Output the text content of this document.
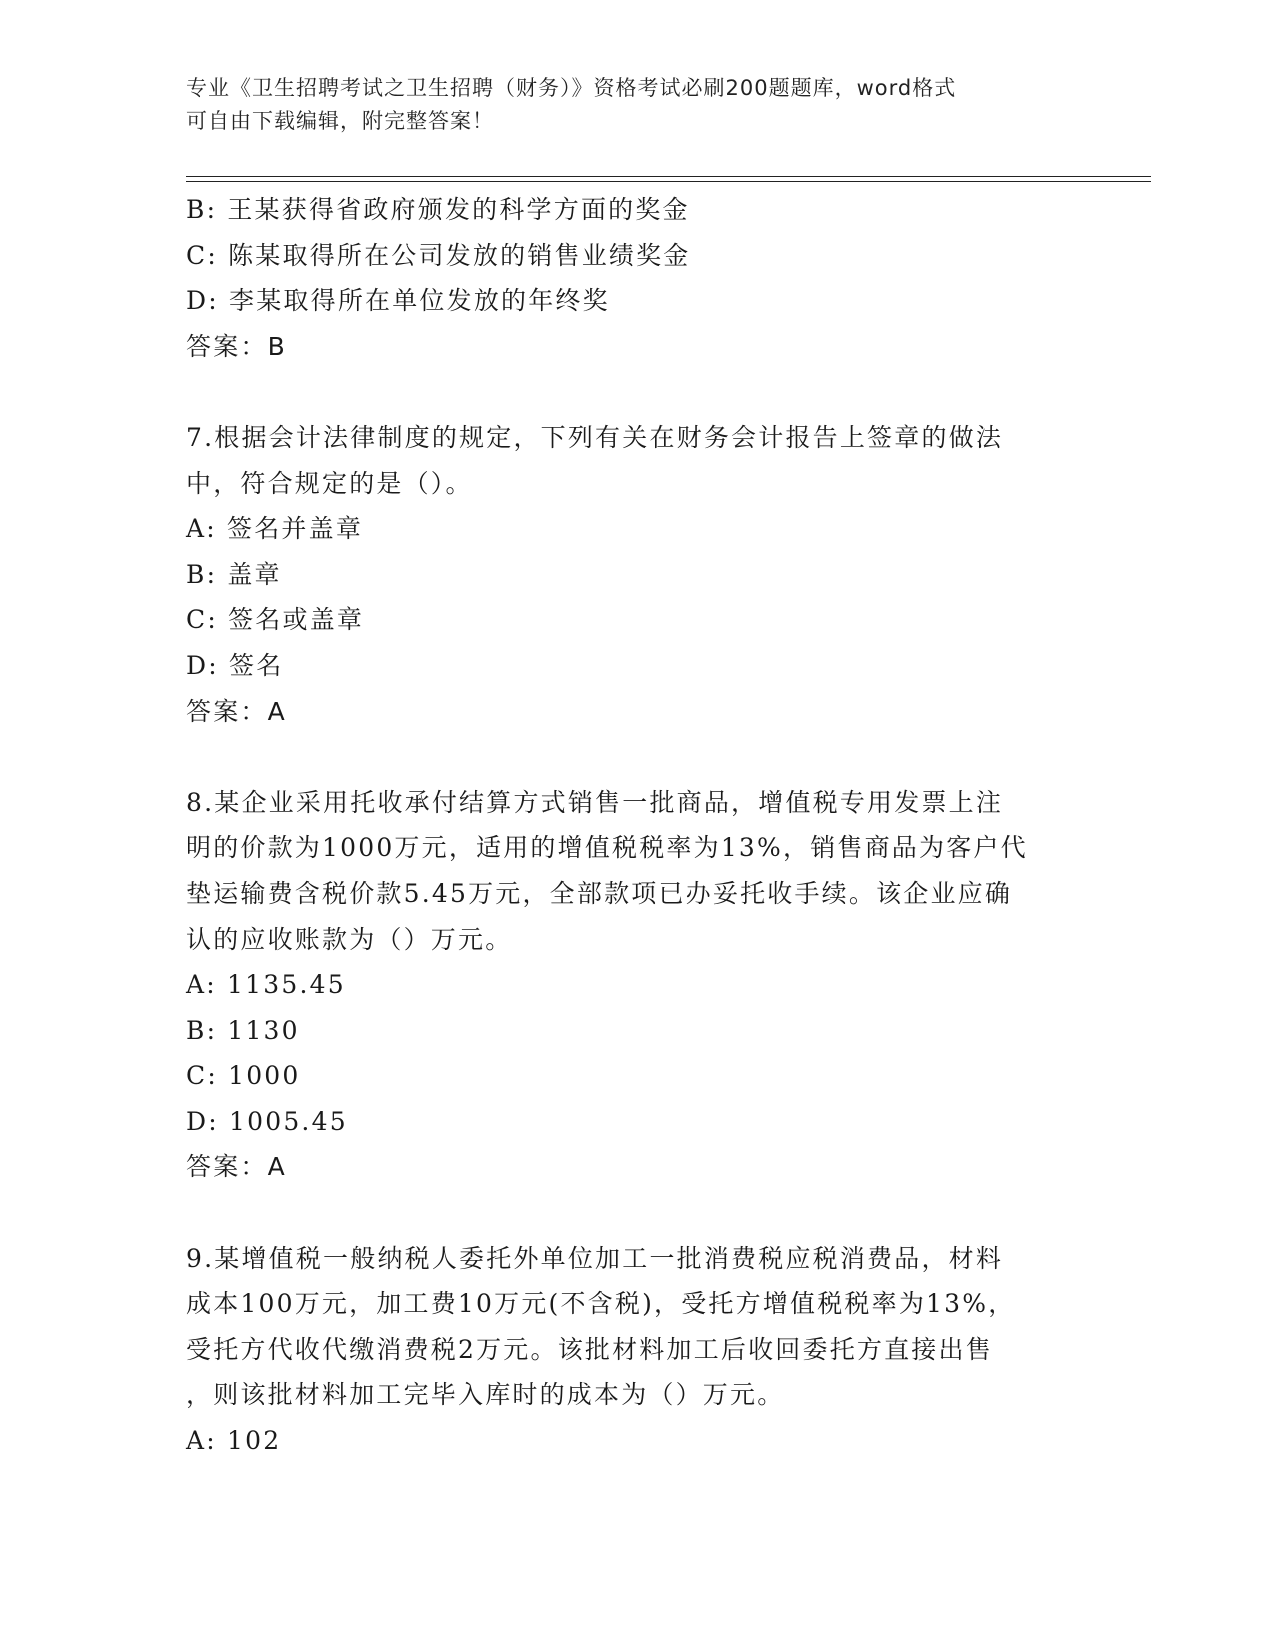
专业《卫生招聘考试之卫生招聘（财务）》资格考试必刷200题题库，word格式
可自由下载编辑，附完整答案！
B: 王某获得省政府颁发的科学方面的奖金
C: 陈某取得所在公司发放的销售业绩奖金
D: 李某取得所在单位发放的年终奖
答案：B
7.根据会计法律制度的规定，下列有关在财务会计报告上签章的做法
中，符合规定的是（）。
A: 签名并盖章
B: 盖章
C: 签名或盖章
D: 签名
答案：A
8.某企业采用托收承付结算方式销售一批商品，增值税专用发票上注
明的价款为1000万元，适用的增值税税率为13%，销售商品为客户代
垫运输费含税价款5.45万元，全部款项已办妥托收手续。该企业应确
认的应收账款为（）万元。
A: 1135.45
B: 1130
C: 1000
D: 1005.45
答案：A
9.某增值税一般纳税人委托外单位加工一批消费税应税消费品，材料
成本100万元，加工费10万元(不含税)，受托方增值税税率为13%，
受托方代收代缴消费税2万元。该批材料加工后收回委托方直接出售
，则该批材料加工完毕入库时的成本为（）万元。
A: 102
